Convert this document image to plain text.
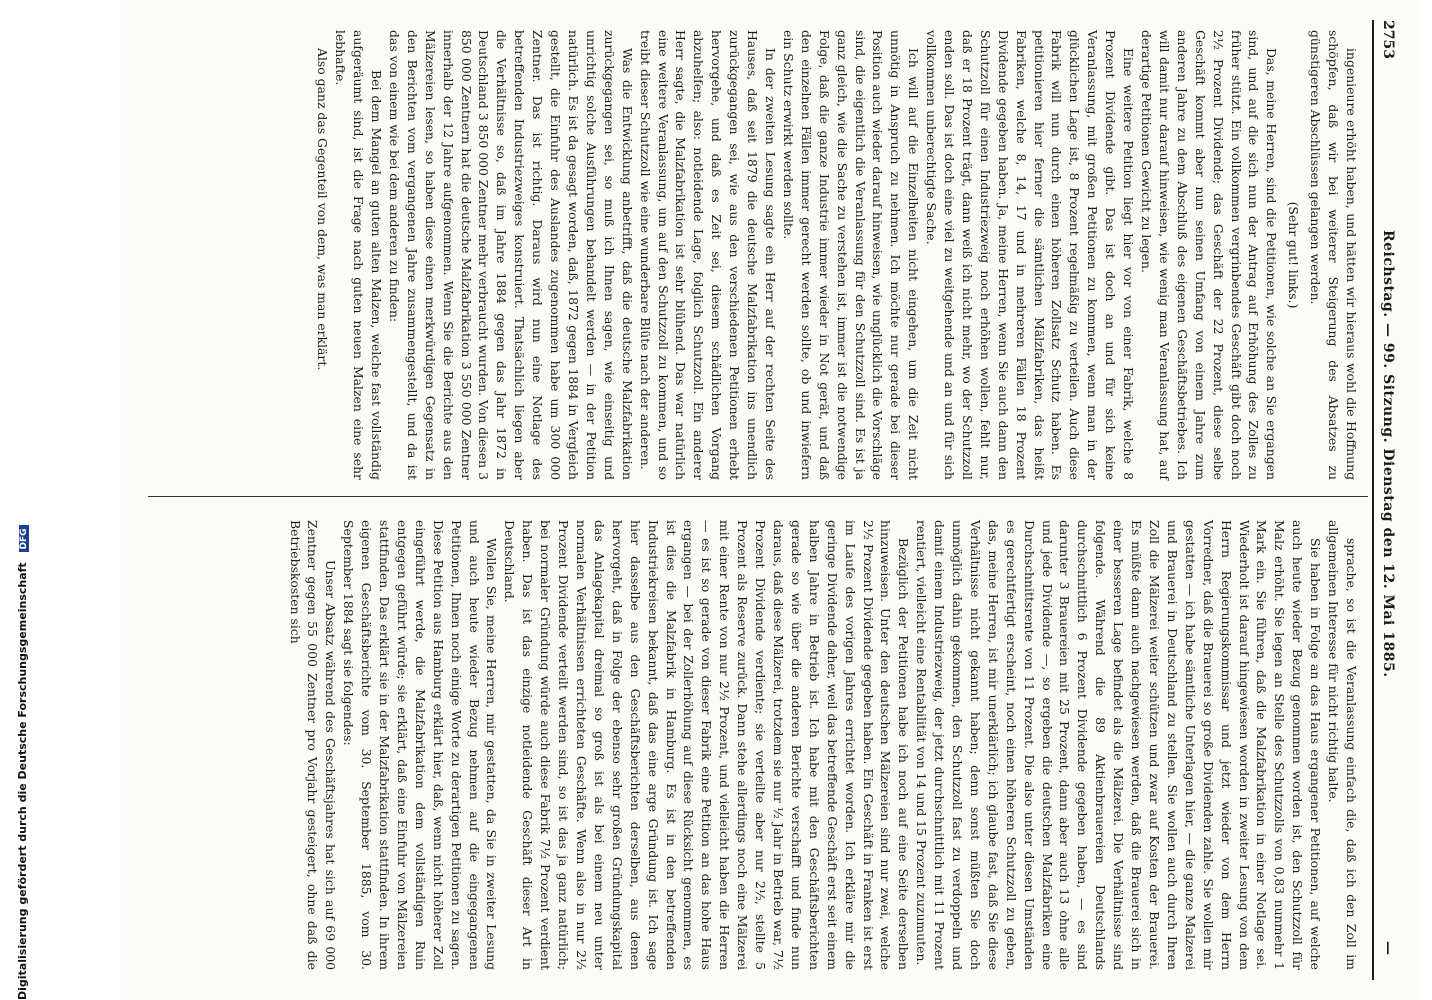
2753
Reichstag. — 99. Sitzung. Dienstag den 12. Mai 1885.
—

ingenieure erhöht haben, und hätten wir hieraus wohl die Hoffnung schöpfen, daß wir bei weiterer Steigerung des Absatzes zu günstigeren Abschlüssen gelangen werden.

(Sehr gut! links.)

Das, meine Herren, sind die Petitionen, wie solche an Sie ergangen sind, und auf die sich nun der Antrag auf Erhöhung des Zolles zu früher stützt. Ein vollkommen vergrinbendes Geschäft gibt doch noch 2½ Prozent Dividende; das Geschäft der 22 Prozent, diese selbe Geschäft kommt aber nun seinen Umfang von einem Jahre zum anderen Jahre zu dem Abschluß des eigenen Geschäftsbetriebes. Ich will damit nur darauf hinweisen, wie wenig man Veranlassung hat, auf derartige Petitionen Gewicht zu legen.

Eine weitere Petition liegt hier vor von einer Fabrik, welche 8 Prozent Dividende gibt. Das ist doch an und für sich keine Veranlassung, mit großen Petitionen zu kommen, wenn man in der glücklichen Lage ist, 8 Prozent regelmäßig zu verteilen. Auch diese Fabrik will nun durch einen höheren Zollsatz Schutz haben. Es petitionieren hier ferner die sämtlichen Mälzfabriken, das heißt Fabriken, welche 8, 14, 17 und in mehreren Fällen 18 Prozent Dividende gegeben haben. Ja, meine Herren, wenn Sie auch dann den Schutzzoll für einen Industriezweig noch erhöhen wollen, fehlt nur, daß er 18 Prozent trägt, dann weiß ich nicht mehr, wo der Schutzzoll enden soll. Das ist doch eine viel zu weitgehende und an und für sich vollkommen unberechtigte Sache.

Ich will auf die Einzelheiten nicht eingehen, um die Zeit nicht unnötig in Anspruch zu nehmen. Ich möchte nur gerade bei dieser Position auch wieder darauf hinweisen, wie unglücklich die Vorschläge sind, die eigentlich die Veranlassung für den Schutzzoll sind. Es ist ja ganz gleich, wie die Sache zu verstehen ist, immer ist die notwendige Folge, daß die ganze Industrie immer wieder in Not gerät, und daß den einzelnen Fällen immer gerecht werden sollte, ob und inwiefern ein Schutz erwirkt werden sollte.

In der zweiten Lesung sagte ein Herr auf der rechten Seite des Hauses, daß seit 1879 die deutsche Malzfabrikation ins unendlich zurückgegangen sei, wie aus den verschiedenen Petitionen erhebt hervorgehe, und daß es Zeit sei, diesem schädlichen Vorgang abzuhelfen; also: notleidende Lage, folglich Schutzzoll. Ein anderer Herr sagte, die Malzfabrikation ist sehr blühend. Das war natürlich eine weitere Veranlassung, um auf den Schutzzoll zu kommen, und so treibt dieser Schutzzoll wie eine wunderbare Blüte nach der anderen.

Was die Entwicklung anbetrifft, daß die deutsche Malzfabrikation zurückgegangen sei, so muß ich Ihnen sagen, wie einseitig und unrichtig solche Ausführungen behandelt werden — in der Petition natürlich. Es ist da gesagt worden, daß, 1872 gegen 1884 in Vergleich gestellt, die Einfuhr des Auslandes zugenommen habe um 300 000 Zentner. Das ist richtig. Daraus wird nun eine Notlage des betreffenden Industriezweiges konstruiert. Thatsächlich liegen aber die Verhältnisse so, daß im Jahre 1884 gegen das Jahr 1872 in Deutschland 3 850 000 Zentner mehr verbraucht wurden. Von diesen 3 850 000 Zentnern hat die deutsche Malzfabrikation 3 550 000 Zentner innerhalb der 12 Jahre aufgenommen. Wenn Sie die Berichte aus den Mälzereien lesen, so haben diese einen merkwürdigen Gegensatz in den Berichten vom vergangenen Jahre zusammengestellt, und da ist das von einem wie bei dem anderen zu finden:

Bei dem Mangel an guten alten Malzen, welche fast vollständig aufgeräumt sind, ist die Frage nach guten neuen Malzen eine sehr lebhafte.

Also ganz das Gegenteil von dem, was man erklärt.

sprache, so ist die Veranlassung einfach die, daß ich den Zoll im allgemeinen Interesse für nicht richtig halte.

Sie haben in Folge an das Haus ergangener Petitionen, auf welche auch heute wieder Bezug genommen worden ist, den Schutzzoll für Malz erhöht. Sie legen an Stelle des Schutzzolls von 0,83 nunmehr 1 Mark ein. Sie führen, daß die Malzfabrikation in einer Notlage sei. Wiederholt ist darauf hingewiesen worden in zweiter Lesung von dem Herrn Regierungskommissar und jetzt wieder von dem Herrn Vorredner, daß die Brauerei so große Dividenden zahle. Sie wollen mir gestatten — ich habe sämtliche Unterlagen hier, — die ganze Malzerei und Brauerei in Deutschland zu stellen. Sie wollen auch durch Ihren Zoll die Mälzerei weiter schützen und zwar auf Kosten der Brauerei. Es müßte dann auch nachgewiesen werden, daß die Brauerei sich in einer besseren Lage befindet als die Mälzerei. Die Verhältnisse sind folgende. Während die 89 Aktienbrauereien Deutschlands durchschnittlich 6 Prozent Dividende gegeben haben, — es sind darunter 3 Brauereien mit 25 Prozent, dann aber auch 13 ohne alle und jede Dividende —, so ergeben die deutschen Malzfabriken eine Durchschnittsrente von 11 Prozent. Die also unter diesen Umständen es gerechtfertigt erscheint, noch einen höheren Schutzzoll zu geben, das, meine Herren, ist mir unerklärlich; ich glaube fast, daß Sie diese Verhältnisse nicht gekannt haben; denn sonst müßten Sie doch unmöglich dahin gekommen, den Schutzzoll fast zu verdoppeln und damit einem Industriezweig, der jetzt durchschnittlich mit 11 Prozent rentiert, vielleicht eine Rentabilität von 14 und 15 Prozent zuzumuten.

Bezüglich der Petitionen habe ich noch auf eine Seite derselben hinzuweisen. Unter den deutschen Mälzereien sind nur zwei, welche 2½ Prozent Dividende gegeben haben. Ein Geschäft in Franken ist erst im Laufe des vorigen Jahres errichtet worden. Ich erkläre mir die geringe Dividende daher, weil das betreffende Geschäft erst seit einem halben Jahre in Betrieb ist. Ich habe mit den Geschäftsberichten gerade so wie über die anderen Berichte verschafft und finde nun daraus, daß diese Mälzerei, trotzdem sie nur ½ Jahr in Betrieb war, 7½ Prozent Dividende verdiente; sie verteilte aber nur 2½, stellte 5 Prozent als Reserve zurück. Dann stehe allerdings noch eine Mälzerei mit einer Rente von nur 2½ Prozent, und vielleicht haben die Herren — es ist so gerade von dieser Fabrik eine Petition an das hohe Haus ergangen — bei der Zollerhöhung auf diese Rücksicht genommen, es ist dies die Malzfabrik in Hamburg. Es ist in den betreffenden Industriekreisen bekannt, daß das eine arge Gründung ist. Ich sage hier dasselbe aus den Geschäftsberichten derselben, aus denen hervorgeht, daß in Folge der ebenso sehr großen Gründungskapital das Anlagekapital dreimal so groß ist als bei einem neu unter normalen Verhältnissen errichteten Geschäfte. Wenn also in nur 2½ Prozent Dividende verteilt werden sind, so ist das ja ganz natürlich; bei normaler Gründung würde auch diese Fabrik 7½ Prozent verdient haben. Das ist das einzige notleidende Geschäft dieser Art in Deutschland.

Wollen Sie, meine Herren, mir gestatten, da Sie in zweiter Lesung und auch heute wieder Bezug nehmen auf die eingegangenen Petitionen, Ihnen noch einige Worte zu derartigen Petitionen zu sagen. Diese Petition aus Hamburg erklärt hier, daß, wenn nicht höherer Zoll eingeführt werde, die Malzfabrikation dem vollständigen Ruin entgegen geführt würde; sie erklärt, daß eine Einfuhr von Mälzereien stattfinden. Das erklärt sie in der Malzfabrikation stattfinden. In ihrem eigenen Geschäftsberichte vom 30. September 1885, vom 30. September 1884 sagt sie folgendes:

Unser Absatz während des Geschäftsjahres hat sich auf 69 000 Zentner gegen 55 000 Zentner pro Vorjahr gesteigert, ohne daß die Betriebskosten sich

Digitalisierung gefördert durch die Deutsche Forschungsgemeinschaft DFG
